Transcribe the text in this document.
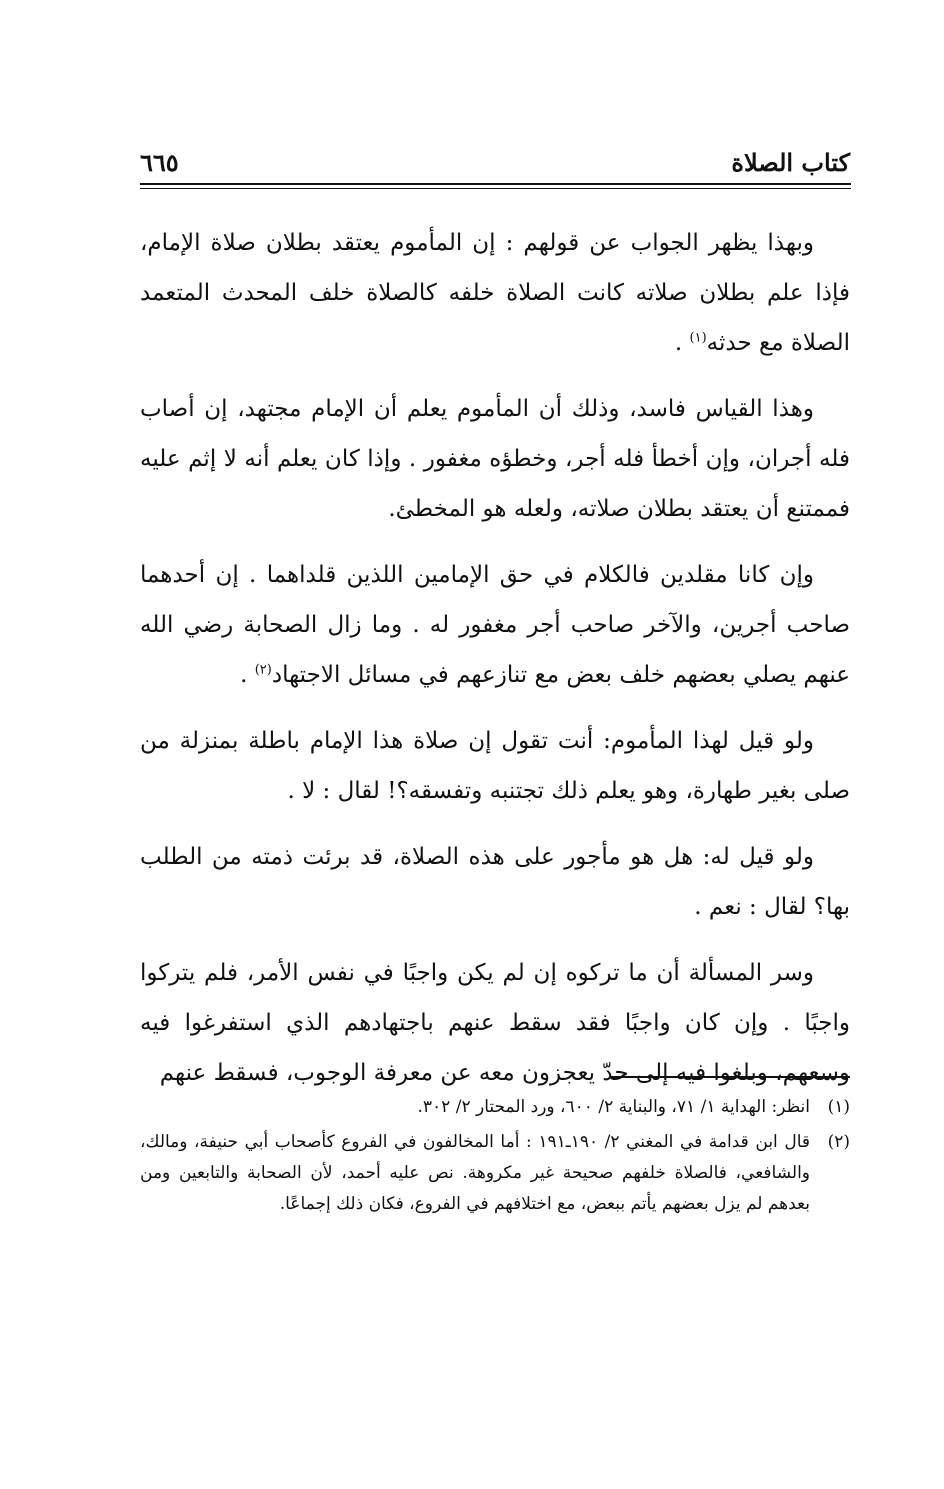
كتاب الصلاة
٦٦٥

وبهذا يظهر الجواب عن قولهم : إن المأموم يعتقد بطلان صلاة الإمام، فإذا علم بطلان صلاته كانت الصلاة خلفه كالصلاة خلف المحدث المتعمد الصلاة مع حدثه$^{(١)}$ .

وهذا القياس فاسد، وذلك أن المأموم يعلم أن الإمام مجتهد، إن أصاب فله أجران، وإن أخطأ فله أجر، وخطؤه مغفور . وإذا كان يعلم أنه لا إثم عليه فممتنع أن يعتقد بطلان صلاته، ولعله هو المخطئ.

وإن كانا مقلدين فالكلام في حق الإمامين اللذين قلداهما . إن أحدهما صاحب أجرين، والآخر صاحب أجر مغفور له . وما زال الصحابة رضي الله عنهم يصلي بعضهم خلف بعض مع تنازعهم في مسائل الاجتهاد$^{(٢)}$ .

ولو قيل لهذا المأموم: أنت تقول إن صلاة هذا الإمام باطلة بمنزلة من صلى بغير طهارة، وهو يعلم ذلك تجتنبه وتفسقه؟! لقال : لا .

ولو قيل له: هل هو مأجور على هذه الصلاة، قد برئت ذمته من الطلب بها؟ لقال : نعم .

وسر المسألة أن ما تركوه إن لم يكن واجبًا في نفس الأمر، فلم يتركوا واجبًا . وإن كان واجبًا فقد سقط عنهم باجتهادهم الذي استفرغوا فيه وسعهم، وبلغوا فيه إلى حدّ يعجزون معه عن معرفة الوجوب، فسقط عنهم

(١)
انظر: الهداية ١/ ٧١، والبناية ٢/ ٦٠٠، ورد المحتار ٢/ ٣٠٢.
(٢)
قال ابن قدامة في المغني ٢/ ١٩٠ـ١٩١ : أما المخالفون في الفروع كأصحاب أبي حنيفة، ومالك، والشافعي، فالصلاة خلفهم صحيحة غير مكروهة. نص عليه أحمد، لأن الصحابة والتابعين ومن بعدهم لم يزل بعضهم يأتم ببعض، مع اختلافهم في الفروع، فكان ذلك إجماعًا.
